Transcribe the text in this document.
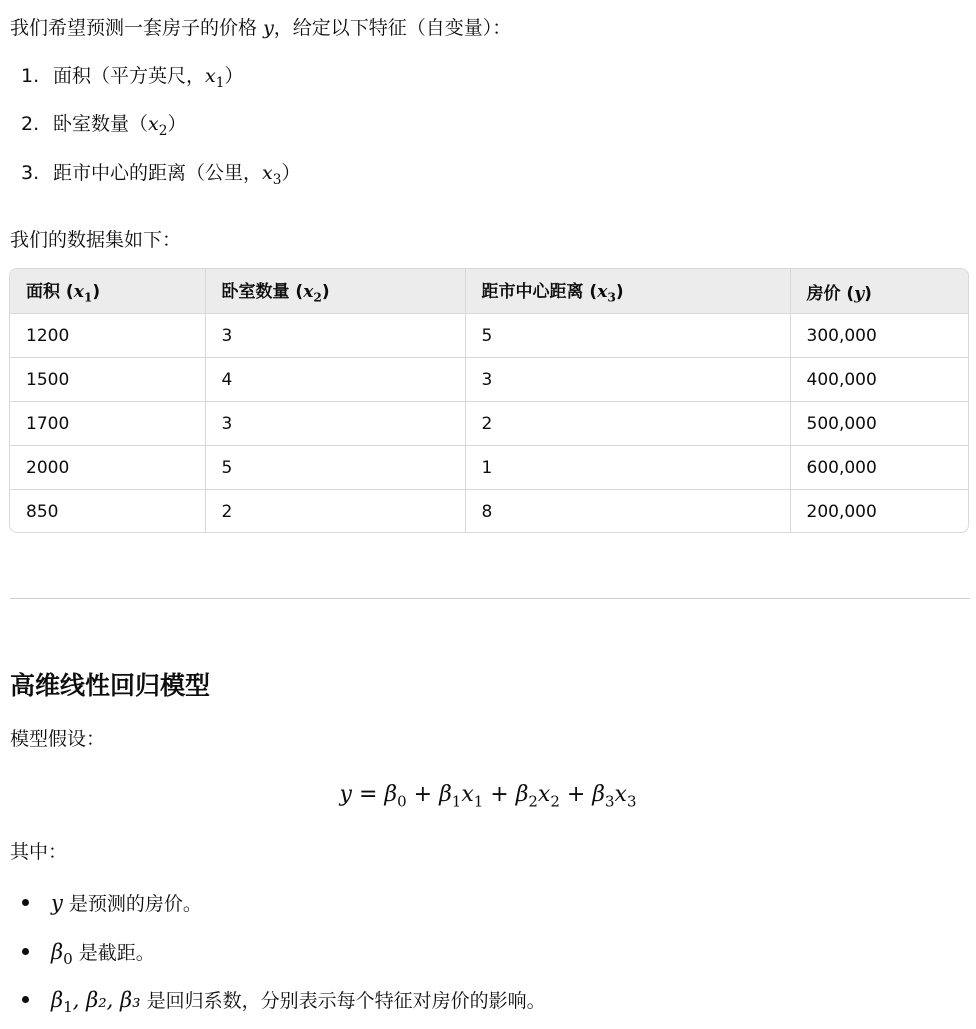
我们希望预测一套房子的价格 y，给定以下特征（自变量）：

1. 面积（平方英尺，$x_1$）
2. 卧室数量$(x_2)$
3. 距市中心的距离（公里，$x_3$）

我们的数据集如下：

面积 $(x_1)$	卧室数量 $(x_2)$	距市中心距离 $(x_3)$	房价 (y)
1200	3	5	300,000
1500	4	3	400,000
1700	3	2	500,000
2000	5	1	600,000
850	2	8	200,000
高维线性回归模型

模型假设：

$y = \beta_0 + \beta_1x_1 + \beta_2x_2 + \beta_3x_3$

其中：

y 是预测的房价。
$\beta_0$ 是截距。
$\beta_1$, β₂, β₃ 是回归系数，分别表示每个特征对房价的影响。
